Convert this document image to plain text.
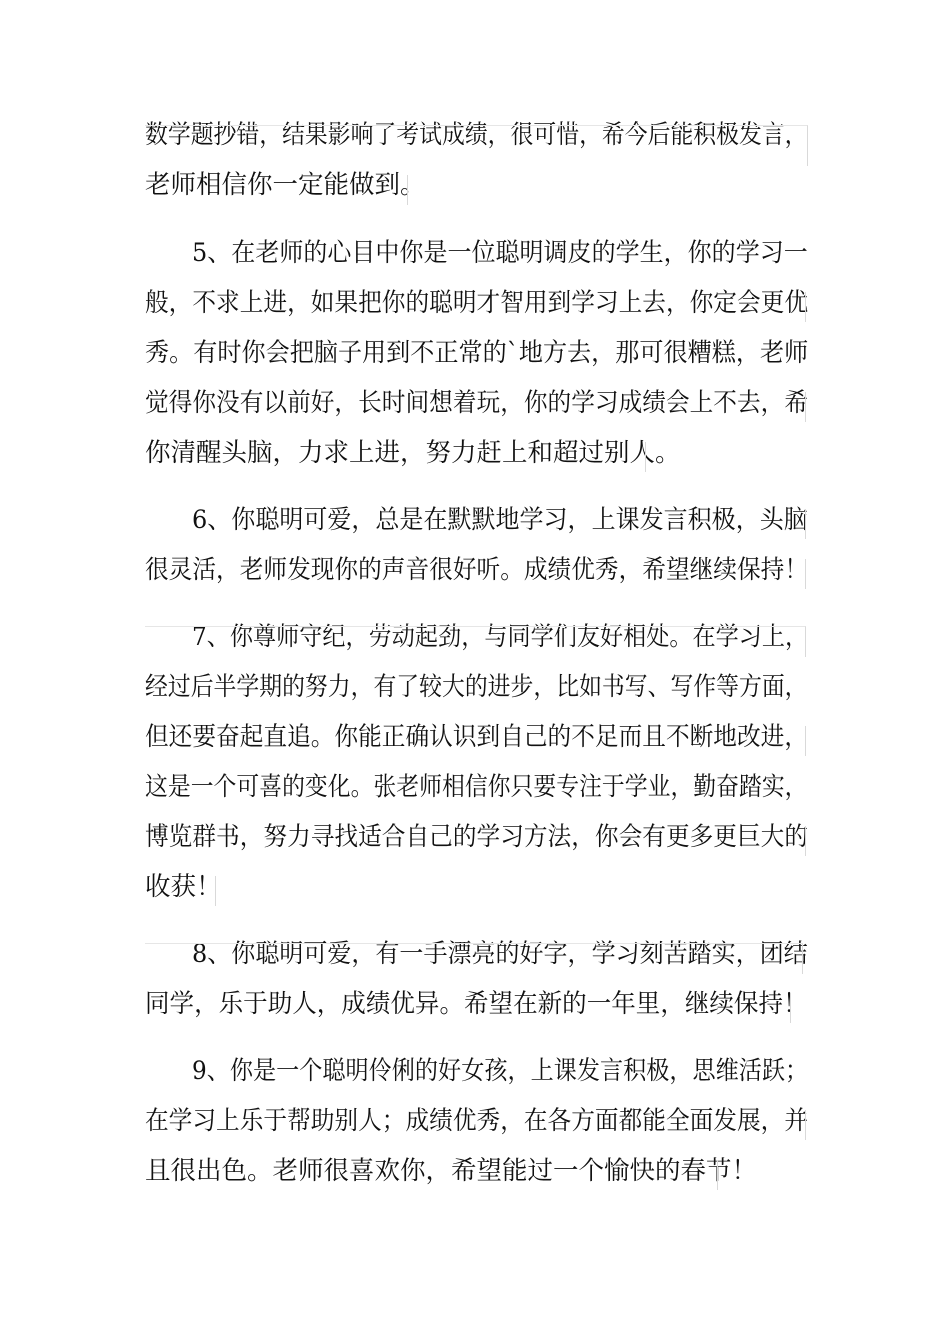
数学题抄错，结果影响了考试成绩，很可惜，希今后能积极发言，
老师相信你一定能做到。
5、在老师的心目中你是一位聪明调皮的学生，你的学习一
般，不求上进，如果把你的聪明才智用到学习上去，你定会更优
秀。有时你会把脑子用到不正常的`地方去，那可很糟糕，老师
觉得你没有以前好，长时间想着玩，你的学习成绩会上不去，希
你清醒头脑，力求上进，努力赶上和超过别人。
6、你聪明可爱，总是在默默地学习，上课发言积极，头脑
很灵活，老师发现你的声音很好听。成绩优秀，希望继续保持！
7、你尊师守纪，劳动起劲，与同学们友好相处。在学习上，
经过后半学期的努力，有了较大的进步，比如书写、写作等方面，
但还要奋起直追。你能正确认识到自己的不足而且不断地改进，
这是一个可喜的变化。张老师相信你只要专注于学业，勤奋踏实，
博览群书，努力寻找适合自己的学习方法，你会有更多更巨大的
收获！
8、你聪明可爱，有一手漂亮的好字，学习刻苦踏实，团结
同学，乐于助人，成绩优异。希望在新的一年里，继续保持！
9、你是一个聪明伶俐的好女孩，上课发言积极，思维活跃；
在学习上乐于帮助别人；成绩优秀，在各方面都能全面发展，并
且很出色。老师很喜欢你，希望能过一个愉快的春节！
